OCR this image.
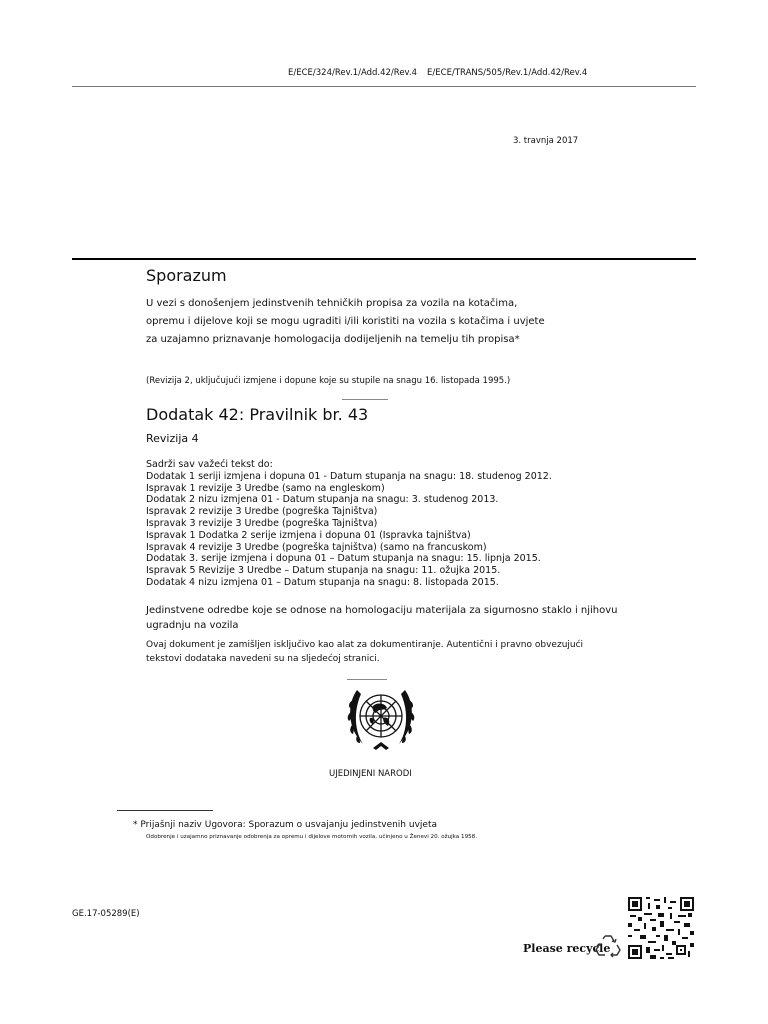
E/ECE/324/Rev.1/Add.42/Rev.4 E/ECE/TRANS/505/Rev.1/Add.42/Rev.4
3. travnja 2017
Sporazum
U vezi s donošenjem jedinstvenih tehničkih propisa za vozila na kotačima,
opremu i dijelove koji se mogu ugraditi i/ili koristiti na vozila s kotačima i uvjete
za uzajamno priznavanje homologacija dodijeljenih na temelju tih propisa*
(Revizija 2, uključujući izmjene i dopune koje su stupile na snagu 16. listopada 1995.)
Dodatak 42: Pravilnik br. 43
Revizija 4
Sadrži sav važeći tekst do:
Dodatak 1 seriji izmjena i dopuna 01 - Datum stupanja na snagu: 18. studenog 2012.
Ispravak 1 revizije 3 Uredbe (samo na engleskom)
Dodatak 2 nizu izmjena 01 - Datum stupanja na snagu: 3. studenog 2013.
Ispravak 2 revizije 3 Uredbe (pogreška Tajništva)
Ispravak 3 revizije 3 Uredbe (pogreška Tajništva)
Ispravak 1 Dodatka 2 serije izmjena i dopuna 01 (Ispravka tajništva)
Ispravak 4 revizije 3 Uredbe (pogreška tajništva) (samo na francuskom)
Dodatak 3. serije izmjena i dopuna 01 – Datum stupanja na snagu: 15. lipnja 2015.
Ispravak 5 Revizije 3 Uredbe – Datum stupanja na snagu: 11. ožujka 2015.
Dodatak 4 nizu izmjena 01 – Datum stupanja na snagu: 8. listopada 2015.
Jedinstvene odredbe koje se odnose na homologaciju materijala za sigurnosno staklo i njihovu ugradnju na vozila
Ovaj dokument je zamišljen isključivo kao alat za dokumentiranje. Autentični i pravno obvezujući tekstovi dodataka navedeni su na sljedećoj stranici.
UJEDINJENI NARODI
* Prijašnji naziv Ugovora: Sporazum o usvajanju jedinstvenih uvjeta
Odobrenje i uzajamno priznavanje odobrenja za opremu i dijelove motornih vozila, učinjeno u Ženevi 20. ožujka 1958.
GE.17-05289(E)
Please recycle
